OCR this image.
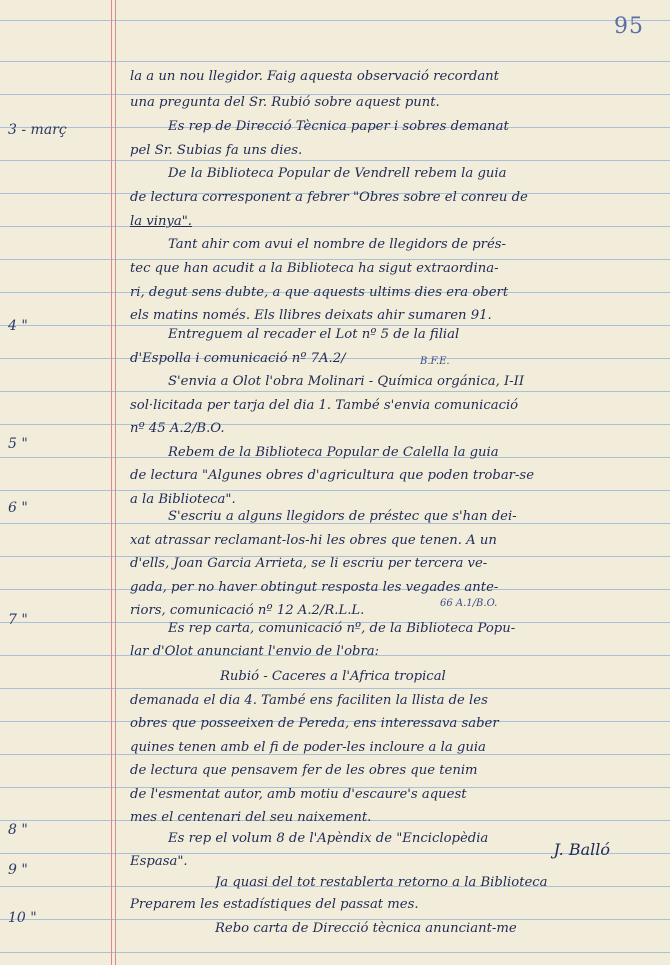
95
3 - març
4 "
5 "
6 "
7 "
8 "
9 "
10 "
la a un nou llegidor. Faig aquesta observació recordant
una pregunta del Sr. Rubió sobre aquest punt.
Es rep de Direcció Tècnica paper i sobres demanat
pel Sr. Subias fa uns dies.
De la Biblioteca Popular de Vendrell rebem la guia
de lectura corresponent a febrer "Obres sobre el conreu de
la vinya".
Tant ahir com avui el nombre de llegidors de prés-
tec que han acudit a la Biblioteca ha sigut extraordina-
ri, degut sens dubte, a que aquests ultims dies era obert
els matins només. Els llibres deixats ahir sumaren 91.
Entreguem al recader el Lot nº 5 de la filial
d'Espolla i comunicació nº 7A.2/	B.F.E.
S'envia a Olot l'obra Molinari - Química orgánica, I-II
sol·licitada per tarja del dia 1. També s'envia comunicació
nº 45 A.2/B.O.
Rebem de la Biblioteca Popular de Calella la guia
de lectura "Algunes obres d'agricultura que poden trobar-se
a la Biblioteca".
S'escriu a alguns llegidors de préstec que s'han dei-
xat atrassar reclamant-los-hi les obres que tenen. A un
d'ells, Joan Garcia Arrieta, se li escriu per tercera ve-
gada, per no haver obtingut resposta les vegades ante-
riors, comunicació nº 12 A.2/R.L.L.	66 A.1/B.O.
Es rep carta, comunicació nº, de la Biblioteca Popu-
lar d'Olot anunciant l'envio de l'obra:
Rubió - Caceres a l'Africa tropical
demanada el dia 4. També ens faciliten la llista de les
obres que posseeixen de Pereda, ens interessava saber
quines tenen amb el fi de poder-les incloure a la guia
de lectura que pensavem fer de les obres que tenim
de l'esmentat autor, amb motiu d'escaure's aquest
mes el centenari del seu naixement.
Es rep el volum 8 de l'Apèndix de "Enciclopèdia
Espasa".
J. Balló
Ja quasi del tot restablerta retorno a la Biblioteca
Preparem les estadístiques del passat mes.
Rebo carta de Direcció tècnica anunciant-me
